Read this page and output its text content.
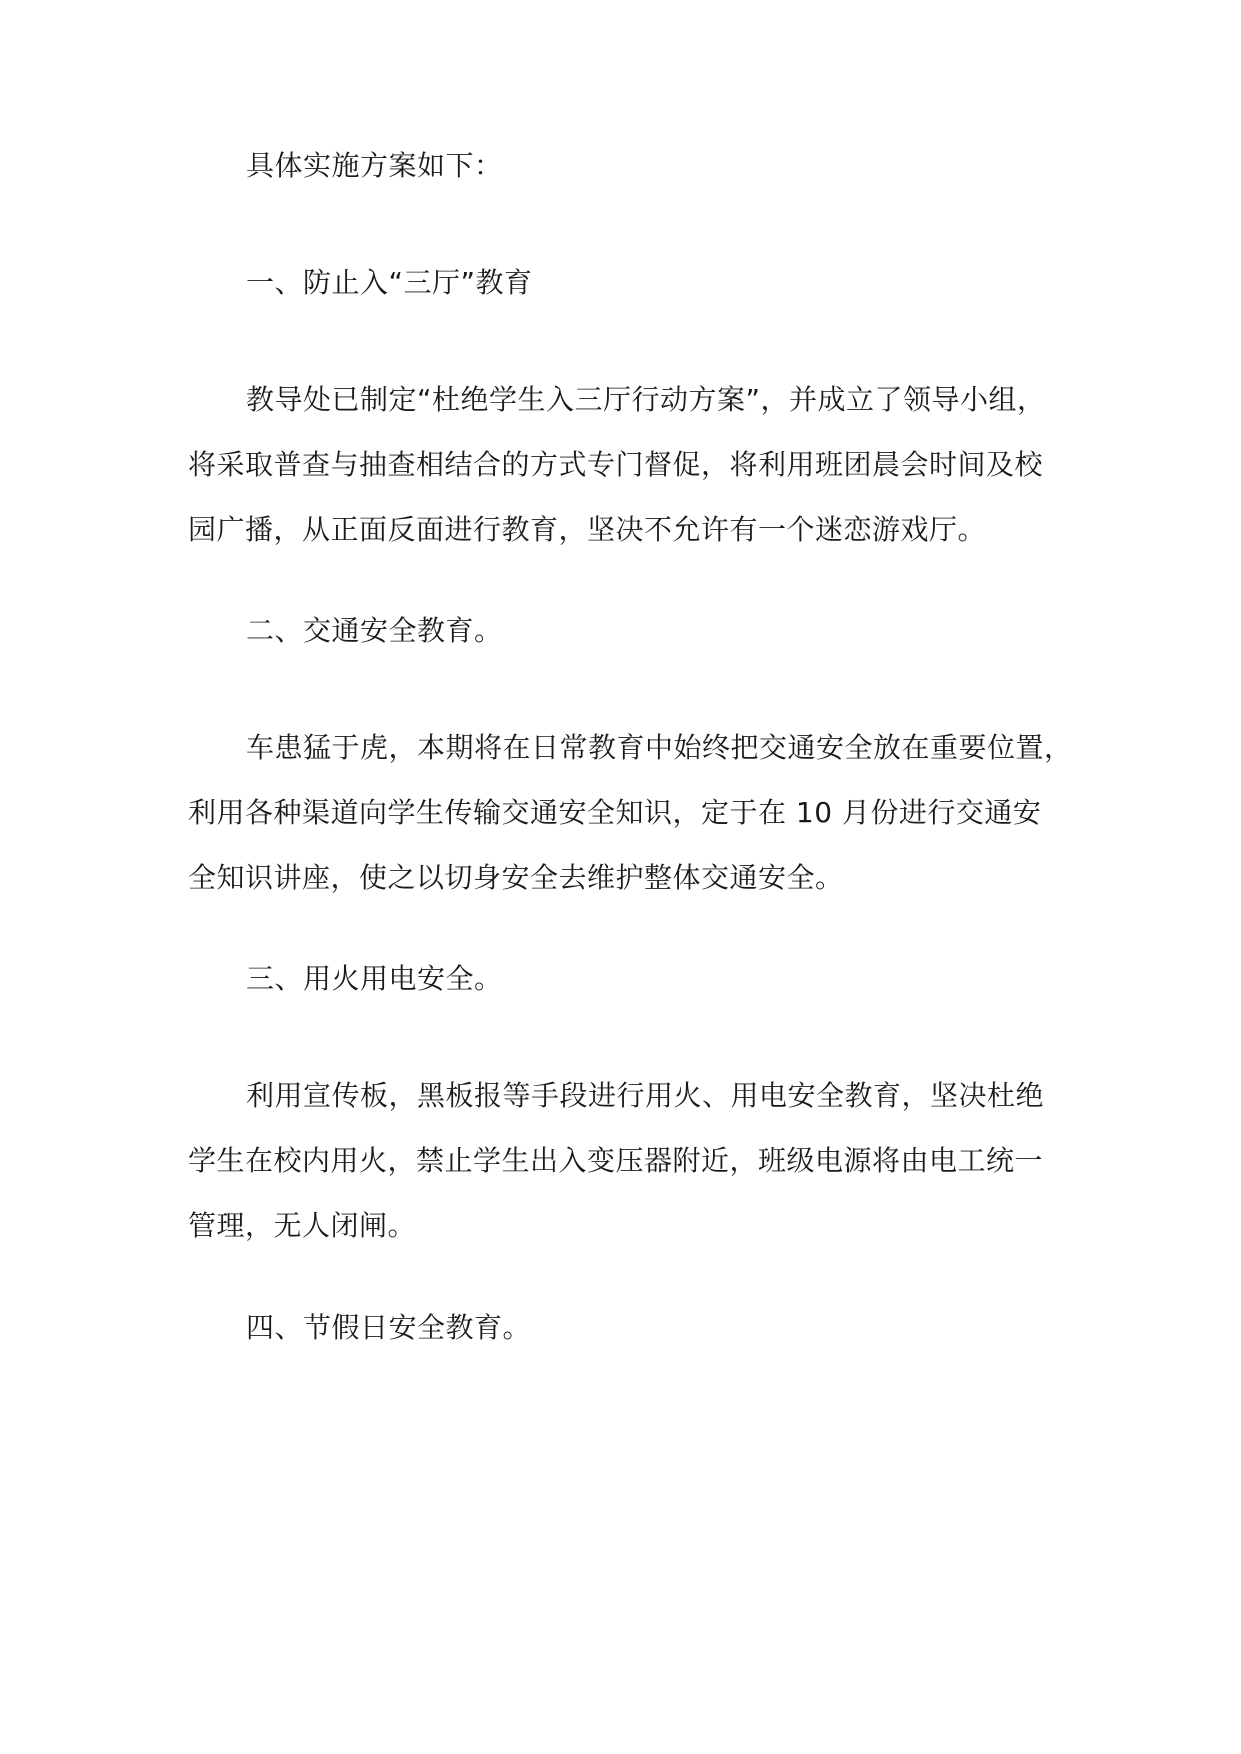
具体实施方案如下：

一、防止入“三厅”教育

教导处已制定“杜绝学生入三厅行动方案”，并成立了领导小组，
将采取普查与抽查相结合的方式专门督促，将利用班团晨会时间及校
园广播，从正面反面进行教育，坚决不允许有一个迷恋游戏厅。

二、交通安全教育。

车患猛于虎，本期将在日常教育中始终把交通安全放在重要位置，
利用各种渠道向学生传输交通安全知识，定于在 10 月份进行交通安
全知识讲座，使之以切身安全去维护整体交通安全。

三、用火用电安全。

利用宣传板，黑板报等手段进行用火、用电安全教育，坚决杜绝
学生在校内用火，禁止学生出入变压器附近，班级电源将由电工统一
管理，无人闭闸。

四、节假日安全教育。
